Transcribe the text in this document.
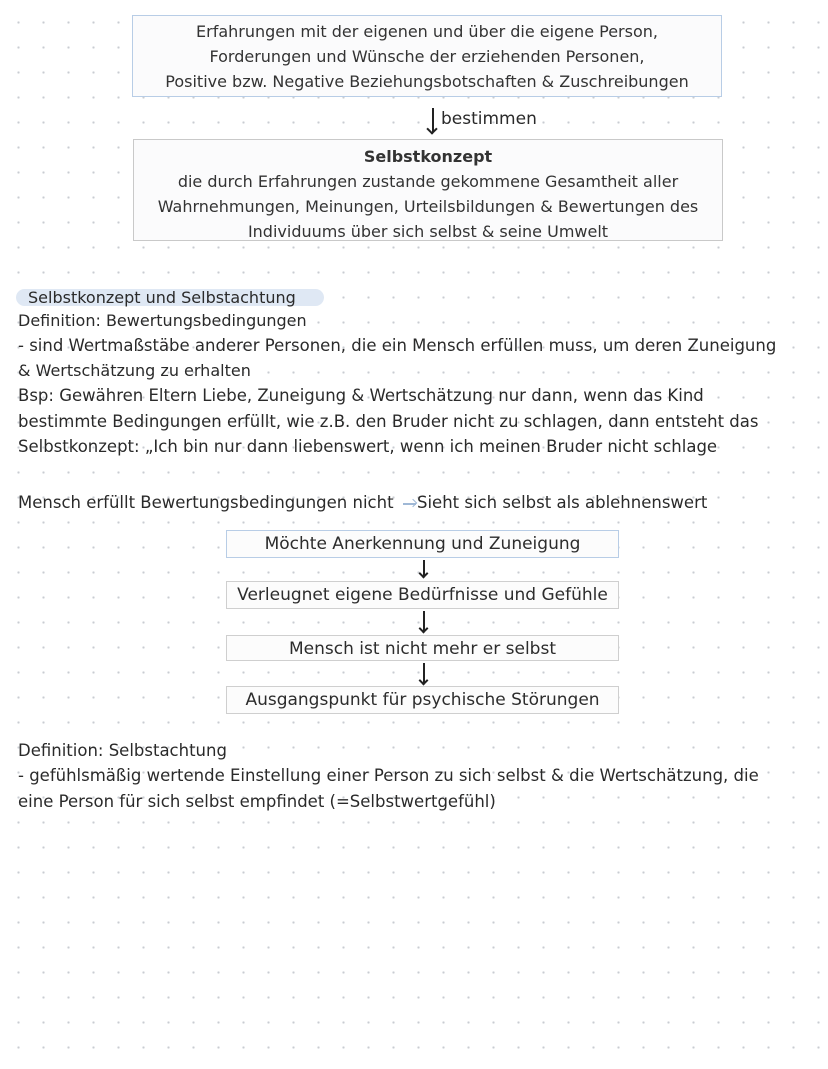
Erfahrungen mit der eigenen und über die eigene Person,
Forderungen und Wünsche der erziehenden Personen,
Positive bzw. Negative Beziehungsbotschaften & Zuschreibungen
bestimmen
Selbstkonzept
die durch Erfahrungen zustande gekommene Gesamtheit aller
Wahrnehmungen, Meinungen, Urteilsbildungen & Bewertungen des
Individuums über sich selbst & seine Umwelt
Selbstkonzept und Selbstachtung
Definition: Bewertungsbedingungen
- sind Wertmaßstäbe anderer Personen, die ein Mensch erfüllen muss, um deren Zuneigung
& Wertschätzung zu erhalten
Bsp: Gewähren Eltern Liebe, Zuneigung & Wertschätzung nur dann, wenn das Kind
bestimmte Bedingungen erfüllt, wie z.B. den Bruder nicht zu schlagen, dann entsteht das
Selbstkonzept: „Ich bin nur dann liebenswert, wenn ich meinen Bruder nicht schlage
Mensch erfüllt Bewertungsbedingungen nicht Sieht sich selbst als ablehnenswert
Möchte Anerkennung und Zuneigung
Verleugnet eigene Bedürfnisse und Gefühle
Mensch ist nicht mehr er selbst
Ausgangspunkt für psychische Störungen
Definition: Selbstachtung
- gefühlsmäßig wertende Einstellung einer Person zu sich selbst & die Wertschätzung, die
eine Person für sich selbst empfindet (=Selbstwertgefühl)
